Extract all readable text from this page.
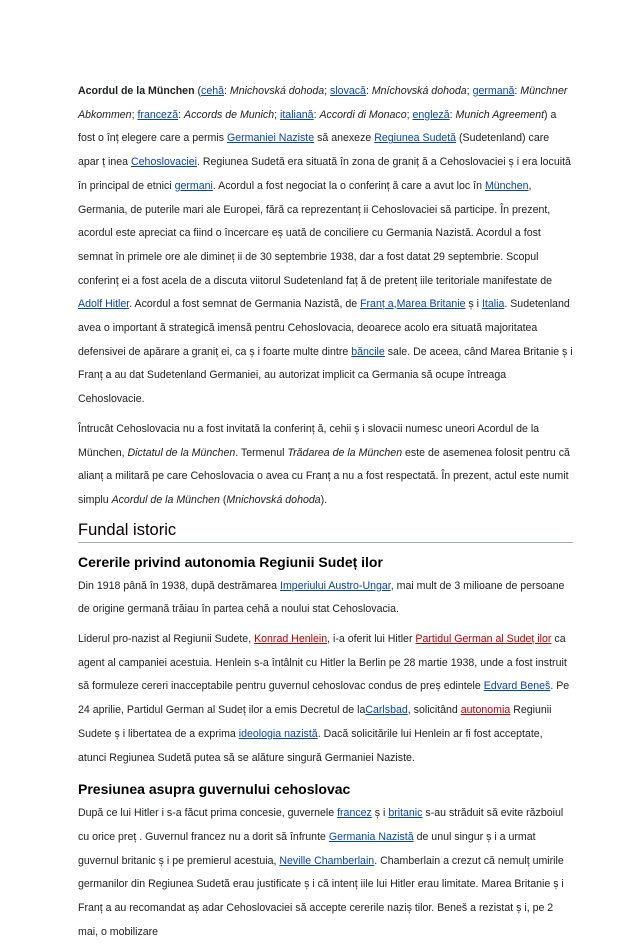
Acordul de la München (cehă: Mnichovská dohoda; slovacă: Mníchovská dohoda; germană: Münchner Abkommen; franceză: Accords de Munich; italiană: Accordi di Monaco; engleză: Munich Agreement) a fost o înț elegere care a permis Germaniei Naziste să anexeze Regiunea Sudetă (Sudetenland) care apar ț inea Cehoslovaciei. Regiunea Sudetă era situată în zona de graniț ă a Cehoslovaciei ș i era locuită în principal de etnici germani. Acordul a fost negociat la o conferinț ă care a avut loc în München, Germania, de puterile mari ale Europei, fără ca reprezentanț ii Cehoslovaciei să participe. În prezent, acordul este apreciat ca fiind o încercare eș uată de conciliere cu Germania Nazistă. Acordul a fost semnat în primele ore ale dimineț ii de 30 septembrie 1938, dar a fost datat 29 septembrie. Scopul conferinț ei a fost acela de a discuta viitorul Sudetenland faț ă de pretenț iile teritoriale manifestate de Adolf Hitler. Acordul a fost semnat de Germania Nazistă, de Franț a,Marea Britanie ș i Italia. Sudetenland avea o important ă strategică imensă pentru Cehoslovacia, deoarece acolo era situată majoritatea defensivei de apărare a graniț ei, ca ș i foarte multe dintre băncile sale. De aceea, când Marea Britanie ș i Franț a au dat Sudetenland Germaniei, au autorizat implicit ca Germania să ocupe întreaga Cehoslovacie.

Întrucât Cehoslovacia nu a fost invitată la conferinț ă, cehii ș i slovacii numesc uneori Acordul de la München, Dictatul de la München. Termenul Trădarea de la München este de asemenea folosit pentru că alianț a militară pe care Cehoslovacia o avea cu Franț a nu a fost respectată. În prezent, actul este numit simplu Acordul de la München (Mnichovská dohoda).

Fundal istoric
Cererile privind autonomia Regiunii Sudeț ilor

Din 1918 până în 1938, după destrămarea Imperiului Austro-Ungar, mai mult de 3 milioane de persoane de origine germană trăiau în partea cehă a noului stat Cehoslovacia.

Liderul pro-nazist al Regiunii Sudete, Konrad Henlein, i-a oferit lui Hitler Partidul German al Sudeț ilor ca agent al campaniei acestuia. Henlein s-a întâlnit cu Hitler la Berlin pe 28 martie 1938, unde a fost instruit să formuleze cereri inacceptabile pentru guvernul cehoslovac condus de preș edintele Edvard Beneš. Pe 24 aprilie, Partidul German al Sudeț ilor a emis Decretul de laCarlsbad, solicitând autonomia Regiunii Sudete ș i libertatea de a exprima ideologia nazistă. Dacă solicitările lui Henlein ar fi fost acceptate, atunci Regiunea Sudetă putea să se alăture singură Germaniei Naziste.

Presiunea asupra guvernului cehoslovac

După ce lui Hitler i s-a făcut prima concesie, guvernele francez ș i britanic s-au străduit să evite războiul cu orice preț . Guvernul francez nu a dorit să înfrunte Germania Nazistă de unul singur ș i a urmat guvernul britanic ș i pe premierul acestuia, Neville Chamberlain. Chamberlain a crezut că nemulț umirile germanilor din Regiunea Sudetă erau justificate ș i că intenț iile lui Hitler erau limitate. Marea Britanie ș i Franț a au recomandat aș adar Cehoslovaciei să accepte cererile naziș tilor. Beneš a rezistat ș i, pe 2 mai, o mobilizare
